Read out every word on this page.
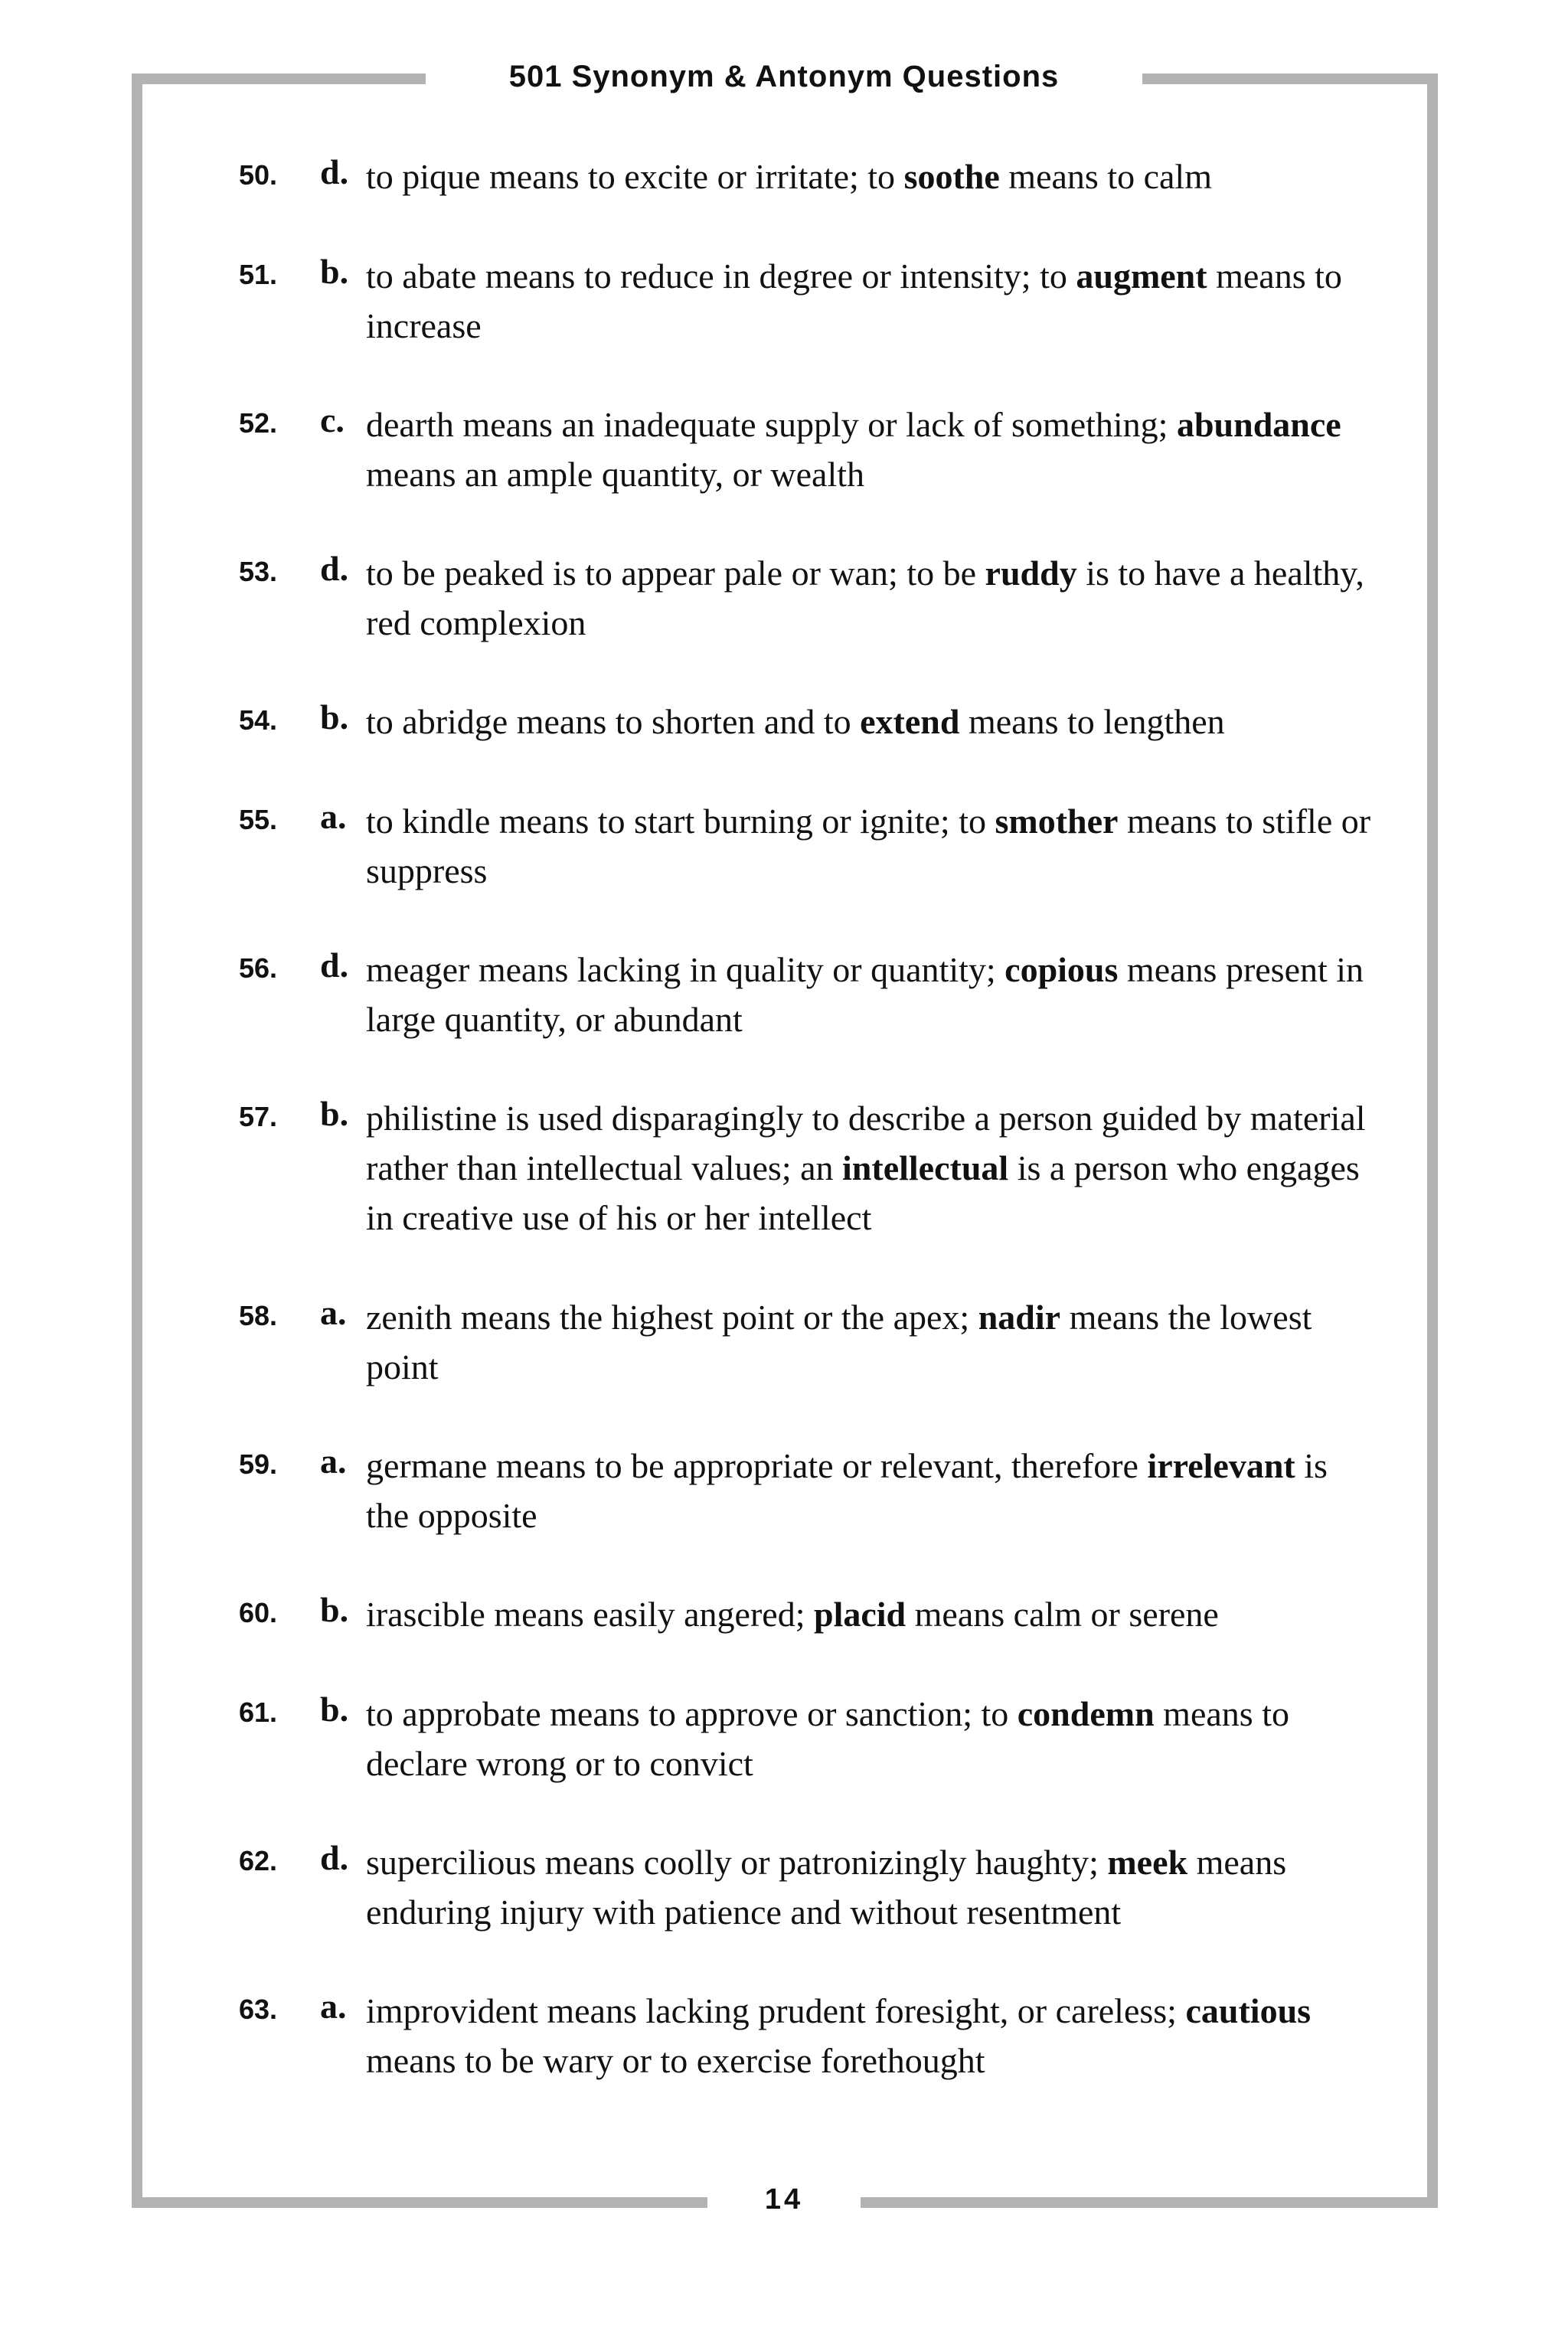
501 Synonym & Antonym Questions
14
50. d. to pique means to excite or irritate; to soothe means to calm
51. b. to abate means to reduce in degree or intensity; to augment means to increase
52. c. dearth means an inadequate supply or lack of something; abundance means an ample quantity, or wealth
53. d. to be peaked is to appear pale or wan; to be ruddy is to have a healthy, red complexion
54. b. to abridge means to shorten and to extend means to lengthen
55. a. to kindle means to start burning or ignite; to smother means to stifle or suppress
56. d. meager means lacking in quality or quantity; copious means present in large quantity, or abundant
57. b. philistine is used disparagingly to describe a person guided by material rather than intellectual values; an intellectual is a person who engages in creative use of his or her intellect
58. a. zenith means the highest point or the apex; nadir means the lowest point
59. a. germane means to be appropriate or relevant, therefore irrelevant is the opposite
60. b. irascible means easily angered; placid means calm or serene
61. b. to approbate means to approve or sanction; to condemn means to declare wrong or to convict
62. d. supercilious means coolly or patronizingly haughty; meek means enduring injury with patience and without resentment
63. a. improvident means lacking prudent foresight, or careless; cautious means to be wary or to exercise forethought
